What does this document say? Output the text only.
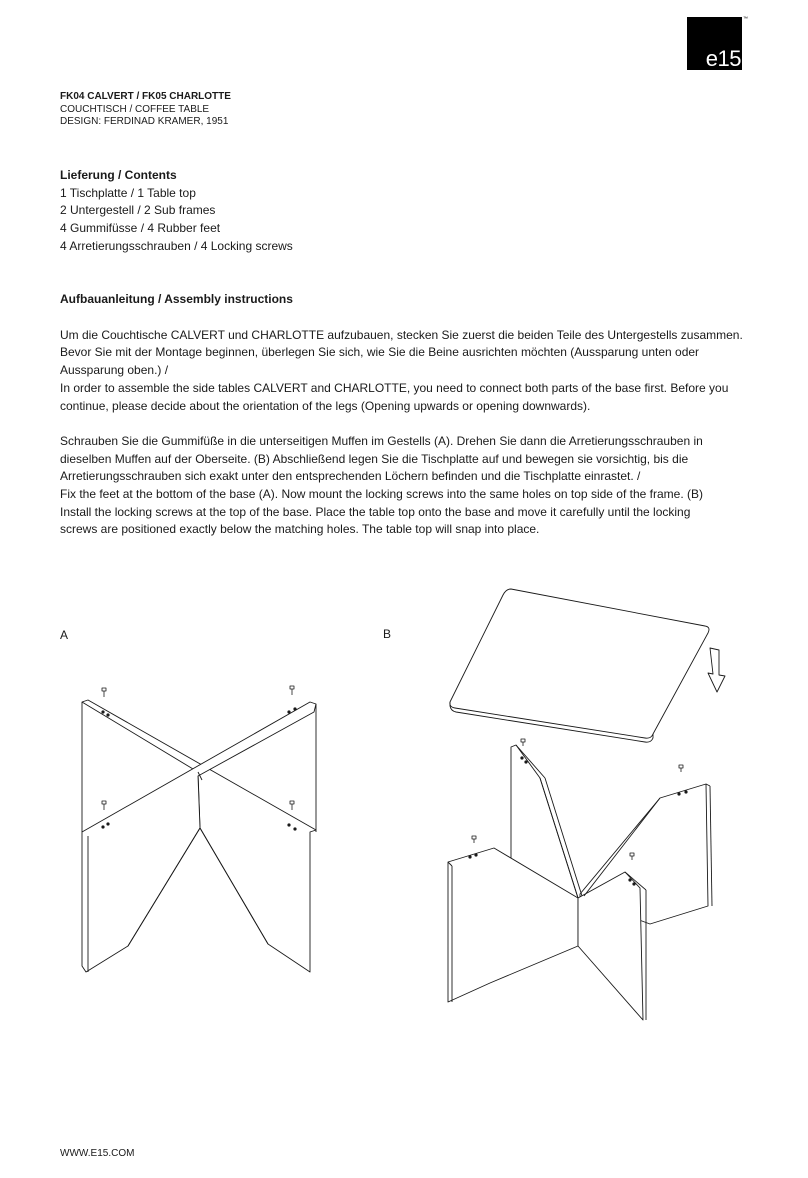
e15
™
FK04 CALVERT / FK05 CHARLOTTE
COUCHTISCH / COFFEE TABLE
DESIGN: FERDINAD KRAMER, 1951
Lieferung / Contents
1 Tischplatte / 1 Table top
2 Untergestell / 2 Sub frames
4 Gummifüsse / 4 Rubber feet
4 Arretierungsschrauben / 4 Locking screws
Aufbauanleitung / Assembly instructions
Um die Couchtische CALVERT und CHARLOTTE aufzubauen, stecken Sie zuerst die beiden Teile des Untergestells zusammen.
Bevor Sie mit der Montage beginnen, überlegen Sie sich, wie Sie die Beine ausrichten möchten (Aussparung unten oder
Aussparung oben.) /
In order to assemble the side tables CALVERT and CHARLOTTE, you need to connect both parts of the base first. Before you
continue, please decide about the orientation of the legs (Opening upwards or opening downwards).
Schrauben Sie die Gummifüße in die unterseitigen Muffen im Gestells (A). Drehen Sie dann die Arretierungsschrauben in
dieselben Muffen auf der Oberseite. (B) Abschließend legen Sie die Tischplatte auf und bewegen sie vorsichtig, bis die
Arretierungsschrauben sich exakt unter den entsprechenden Löchern befinden und die Tischplatte einrastet. /
Fix the feet at the bottom of the base (A). Now mount the locking screws into the same holes on top side of the frame. (B)
Install the locking screws at the top of the base. Place the table top onto the base and move it carefully until the locking
screws are positioned exactly below the matching holes. The table top will snap into place.
A	B
WWW.E15.COM
